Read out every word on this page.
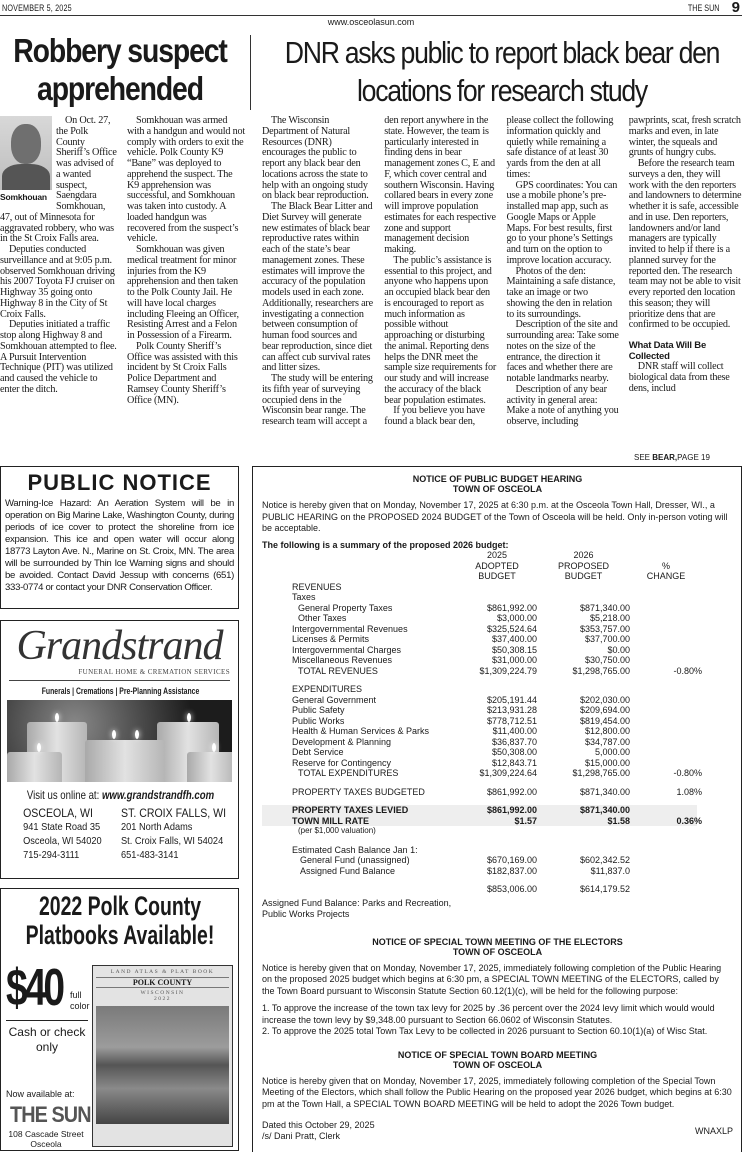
NOVEMBER 5, 2025	THE SUN 9
www.osceolasun.com
Robbery suspect apprehended
Somkhouan

On Oct. 27, the Polk County Sheriff’s Office was advised of a wanted suspect, Saengdara Somkhouan, 47, out of Minnesota for aggravated robbery, who was in the St Croix Falls area.

Deputies conducted surveillance and at 9:05 p.m. observed Somkhouan driving his 2007 Toyota FJ cruiser on Highway 35 going onto Highway 8 in the City of St Croix Falls.

Deputies initiated a traffic stop along Highway 8 and Somkhouan attempted to flee. A Pursuit Intervention Technique (PIT) was utilized and caused the vehicle to enter the ditch.

Somkhouan was armed with a handgun and would not comply with orders to exit the vehicle. Polk County K9 “Bane” was deployed to apprehend the suspect. The K9 apprehension was successful, and Somkhouan was taken into custody. A loaded handgun was recovered from the suspect’s vehicle.

Somkhouan was given medical treatment for minor injuries from the K9 apprehension and then taken to the Polk County Jail. He will have local charges including Fleeing an Officer, Resisting Arrest and a Felon in Possession of a Firearm.

Polk County Sheriff’s Office was assisted with this incident by St Croix Falls Police Department and Ramsey County Sheriff’s Office (MN).

DNR asks public to report black bear den locations for research study

The Wisconsin Department of Natural Resources (DNR) encourages the public to report any black bear den locations across the state to help with an ongoing study on black bear reproduction.

The Black Bear Litter and Diet Survey will generate new estimates of black bear reproductive rates within each of the state’s bear management zones. These estimates will improve the accuracy of the population models used in each zone. Additionally, researchers are investigating a connection between consumption of human food sources and bear reproduction, since diet can affect cub survival rates and litter sizes.

The study will be entering its fifth year of surveying occupied dens in the Wisconsin bear range. The research team will accept a den report anywhere in the state. However, the team is particularly interested in finding dens in bear management zones C, E and F, which cover central and southern Wisconsin. Having collared bears in every zone will improve population estimates for each respective zone and support management decision making.

The public’s assistance is essential to this project, and anyone who happens upon an occupied black bear den is encouraged to report as much information as possible without approaching or disturbing the animal. Reporting dens helps the DNR meet the sample size requirements for our study and will increase the accuracy of the black bear population estimates.

If you believe you have found a black bear den, please collect the following information quickly and quietly while remaining a safe distance of at least 30 yards from the den at all times:

GPS coordinates: You can use a mobile phone’s pre-installed map app, such as Google Maps or Apple Maps. For best results, first go to your phone’s Settings and turn on the option to improve location accuracy.

Photos of the den: Maintaining a safe distance, take an image or two showing the den in relation to its surroundings.

Description of the site and surrounding area: Take some notes on the size of the entrance, the direction it faces and whether there are notable landmarks nearby.

Description of any bear activity in general area: Make a note of anything you observe, including pawprints, scat, fresh scratch marks and even, in late winter, the squeals and grunts of hungry cubs.

Before the research team surveys a den, they will work with the den reporters and landowners to determine whether it is safe, accessible and in use. Den reporters, landowners and/or land managers are typically invited to help if there is a planned survey for the reported den. The research team may not be able to visit every reported den location this season; they will prioritize dens that are confirmed to be occupied.

What Data Will Be Collected

DNR staff will collect biological data from these dens, includ

SEE BEAR,PAGE 19
PUBLIC NOTICE

Warning-Ice Hazard: An Aeration System will be in operation on Big Marine Lake, Washington County, during periods of ice cover to protect the shoreline from ice expansion. This ice and open water will occur along 18773 Layton Ave. N., Marine on St. Croix, MN. The area will be surrounded by Thin Ice Warning signs and should be avoided. Contact David Jessup with concerns (651) 333-0774 or contact your DNR Conservation Officer.

Grandstrand
FUNERAL HOME & CREMATION SERVICES
Funerals | Cremations | Pre-Planning Assistance
Visit us online at: www.grandstrandfh.com
OSCEOLA, WI
941 State Road 35
Osceola, WI 54020
715-294-3111
ST. CROIX FALLS, WI
201 North Adams
St. Croix Falls, WI 54024
651-483-3141
2022 Polk County
Platbooks Available!
$40 full
color
Cash or check only
Now available at:
THE SUN
108 Cascade Street
Osceola
LAND ATLAS & PLAT BOOK
POLK COUNTY
WISCONSIN
2022
NOTICE OF PUBLIC BUDGET HEARING
TOWN OF OSCEOLA

Notice is hereby given that on Monday, November 17, 2025 at 6:30 p.m. at the Osceola Town Hall, Dresser, WI., a PUBLIC HEARING on the PROPOSED 2024 BUDGET of the Town of Osceola will be held. Only in-person voting will be acceptable.

The following is a summary of the proposed 2026 budget:
2025	2026
ADOPTED	PROPOSED	%
BUDGET	BUDGET	CHANGE
REVENUES
Taxes
General Property Taxes	$861,992.00	$871,340.00
Other Taxes	$3,000.00	$5,218.00
Intergovernmental Revenues	$325,524.64	$353,757.00
Licenses & Permits	$37,400.00	$37,700.00
Intergovernmental Charges	$50,308.15	$0.00
Miscellaneous Revenues	$31,000.00	$30,750.00
TOTAL REVENUES	$1,309,224.79	$1,298,765.00	-0.80%
EXPENDITURES
General Government	$205,191.44	$202,030.00
Public Safety	$213,931.28	$209,694.00
Public Works	$778,712.51	$819,454.00
Health & Human Services & Parks	$11,400.00	$12,800.00
Development & Planning	$36,837.70	$34,787.00
Debt Service	$50,308.00	5,000.00
Reserve for Contingency	$12,843.71	$15,000.00
TOTAL EXPENDITURES	$1,309,224.64	$1,298,765.00	-0.80%
PROPERTY TAXES BUDGETED	$861,992.00	$871,340.00	1.08%
PROPERTY TAXES LEVIED	$861,992.00	$871,340.00
TOWN MILL RATE	$1.57	$1.58	0.36%
(per $1,000 valuation)
Estimated Cash Balance Jan 1:
General Fund (unassigned)	$670,169.00	$602,342.52
Assigned Fund Balance	$182,837.00	$11,837.0
$853,006.00	$614,179.52

Assigned Fund Balance: Parks and Recreation, Public Works Projects

NOTICE OF SPECIAL TOWN MEETING OF THE ELECTORS
TOWN OF OSCEOLA

Notice is hereby given that on Monday, November 17, 2025, immediately following completion of the Public Hearing on the proposed 2025 budget which begins at 6:30 pm, a SPECIAL TOWN MEETING of the ELECTORS, called by the Town Board pursuant to Wisconsin Statute Section 60.12(1)(c), will be held for the following purpose:

1. To approve the increase of the town tax levy for 2025 by .36 percent over the 2024 levy limit which would would increase the town levy by $9,348.00 pursuant to Section 66.0602 of Wisconsin Statutes.

2. To approve the 2025 total Town Tax Levy to be collected in 2026 pursuant to Section 60.10(1)(a) of Wisc Stat.

NOTICE OF SPECIAL TOWN BOARD MEETING
TOWN OF OSCEOLA

Notice is hereby given that on Monday, November 17, 2025, immediately following completion of the Special Town Meeting of the Electors, which shall follow the Public Hearing on the proposed year 2026 budget, which begins at 6:30 pm at the Town Hall, a SPECIAL TOWN BOARD MEETING will be held to adopt the 2026 Town budget.

Dated this October 29, 2025
/s/ Dani Pratt, Clerk
WNAXLP
